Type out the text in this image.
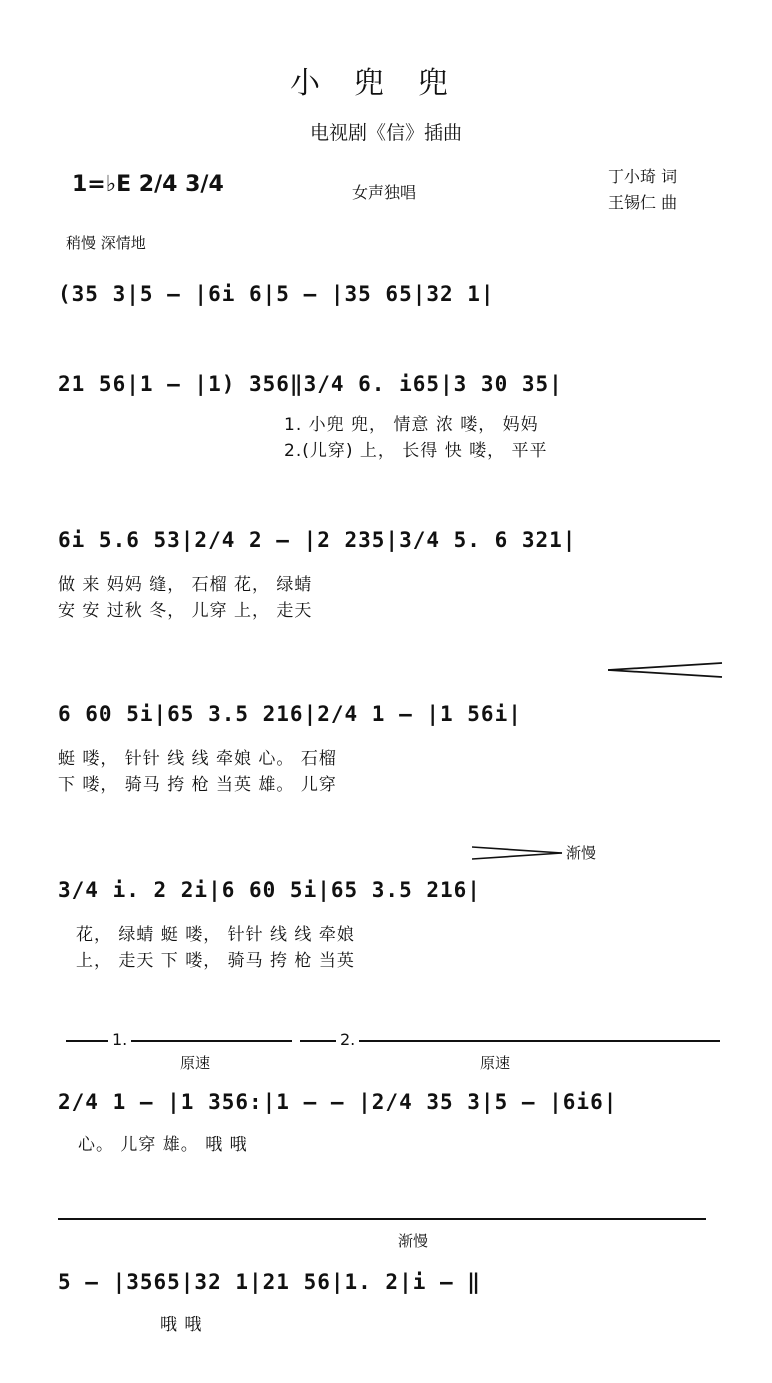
小兜兜
电视剧《信》插曲
1=♭E 2/4 3/4	女声独唱
丁小琦 词
王锡仁 曲
稍慢 深情地
(35 3|5 — |6i 6|5 — |35 65|32 1|
21 56|1 — |1) 356‖3/4 6. i65|3 30 35|
1. 小兜 兜， 情意 浓 喽， 妈妈
2.(儿穿) 上， 长得 快 喽， 平平
6i 5.6 53|2/4 2 — |2 235|3/4 5. 6 321|
做 来 妈妈 缝， 石榴 花， 绿蜻
安 安 过秋 冬， 儿穿 上， 走天
6 60 5i|65 3.5 216|2/4 1 — |1 56i|
蜓 喽， 针针 线 线 牵娘 心。 石榴
下 喽， 骑马 挎 枪 当英 雄。 儿穿
渐慢
3/4 i. 2 2i|6 60 5i|65 3.5 216|
花， 绿蜻 蜓 喽， 针针 线 线 牵娘
上， 走天 下 喽， 骑马 挎 枪 当英
1.	2.
原速	原速
2/4 1 — |1 356:|1 — — |2/4 35 3|5 — |6i6|
心。 儿穿 雄。 哦 哦
渐慢
5 — |3565|32 1|21 56|1. 2|i — ‖
哦 哦
